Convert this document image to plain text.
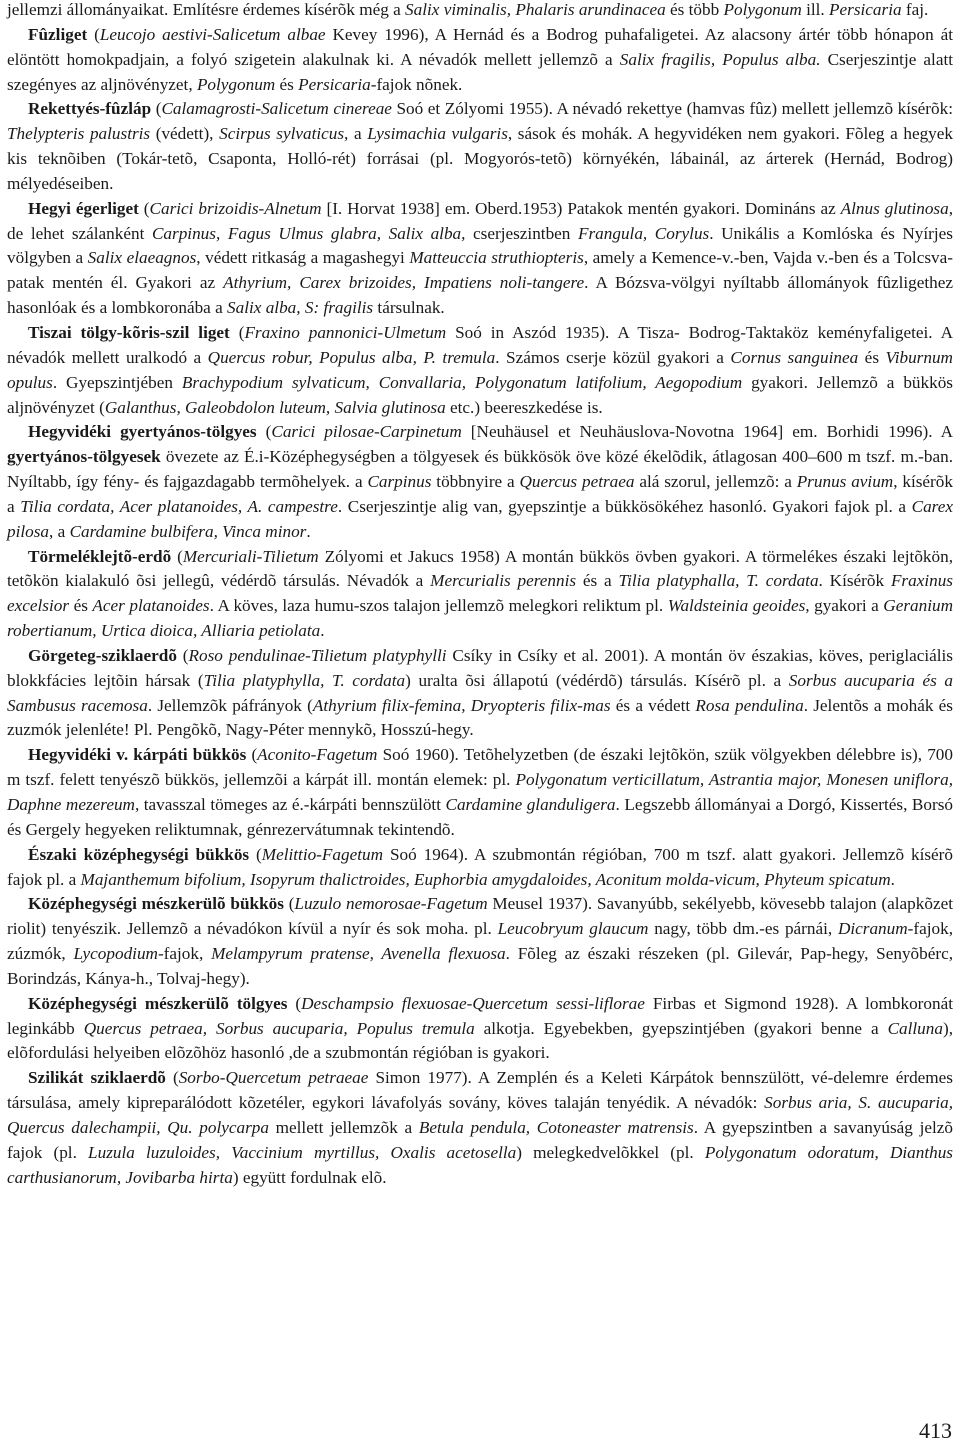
jellemzi állományaikat. Említésre érdemes kísérõk még a Salix viminalis, Phalaris arundinacea és több Polygonum ill. Persicaria faj.

Fûzliget (Leucojo aestivi-Salicetum albae Kevey 1996), A Hernád és a Bodrog puhafaligetei. Az alacsony ártér több hónapon át elöntött homokpadjain, a folyó szigetein alakulnak ki. A névadók mellett jellemzõ a Salix fragilis, Populus alba. Cserjeszintje alatt szegényes az aljnövényzet, Polygonum és Persicaria-fajok nõnek.

Rekettyés-fûzláp (Calamagrosti-Salicetum cinereae Soó et Zólyomi 1955). A névadó rekettye (hamvas fûz) mellett jellemzõ kísérõk: Thelypteris palustris (védett), Scirpus sylvaticus, a Lysimachia vulgaris, sások és mohák. A hegyvidéken nem gyakori. Fõleg a hegyek kis teknõiben (Tokár-tetõ, Csaponta, Holló-rét) forrásai (pl. Mogyorós-tetõ) környékén, lábainál, az árterek (Hernád, Bodrog) mélyedéseiben.

Hegyi égerliget (Carici brizoidis-Alnetum [I. Horvat 1938] em. Oberd.1953) Patakok mentén gyakori. Domináns az Alnus glutinosa, de lehet szálanként Carpinus, Fagus Ulmus glabra, Salix alba, cserjeszintben Frangula, Corylus. Unikális a Komlóska és Nyírjes völgyben a Salix elaeagnos, védett ritkaság a magashegyi Matteuccia struthiopteris, amely a Kemence-v.-ben, Vajda v.-ben és a Tolcsva-patak mentén él. Gyakori az Athyrium, Carex brizoides, Impatiens noli-tangere. A Bózsva-völgyi nyíltabb állományok fûzligethez hasonlóak és a lombkoronába a Salix alba, S: fragilis társulnak.

Tiszai tölgy-kõris-szil liget (Fraxino pannonici-Ulmetum Soó in Aszód 1935). A Tisza- Bodrog-Taktaköz keményfaligetei. A névadók mellett uralkodó a Quercus robur, Populus alba, P. tremula. Számos cserje közül gyakori a Cornus sanguinea és Viburnum opulus. Gyepszintjében Brachypodium sylvaticum, Convallaria, Polygonatum latifolium, Aegopodium gyakori. Jellemzõ a bükkös aljnövényzet (Galanthus, Galeobdolon luteum, Salvia glutinosa etc.) beereszkedése is.

Hegyvidéki gyertyános-tölgyes (Carici pilosae-Carpinetum [Neuhäusel et Neuhäuslova-Novotna 1964] em. Borhidi 1996). A gyertyános-tölgyesek övezete az É.i-Középhegységben a tölgyesek és bükkösök öve közé ékelõdik, átlagosan 400–600 m tszf. m.-ban. Nyíltabb, így fény- és fajgazdagabb termõhelyek. a Carpinus többnyire a Quercus petraea alá szorul, jellemzõ: a Prunus avium, kísérõk a Tilia cordata, Acer platanoides, A. campestre. Cserjeszintje alig van, gyepszintje a bükkösökéhez hasonló. Gyakori fajok pl. a Carex pilosa, a Cardamine bulbifera, Vinca minor.

Törmeléklejtõ-erdõ (Mercuriali-Tilietum Zólyomi et Jakucs 1958) A montán bükkös övben gyakori. A törmelékes északi lejtõkön, tetõkön kialakuló õsi jellegû, védérdõ társulás. Névadók a Mercurialis perennis és a Tilia platyphalla, T. cordata. Kísérõk Fraxinus excelsior és Acer platanoides. A köves, laza humu-szos talajon jellemzõ melegkori reliktum pl. Waldsteinia geoides, gyakori a Geranium robertianum, Urtica dioica, Alliaria petiolata.

Görgeteg-sziklaerdõ (Roso pendulinae-Tilietum platyphylli Csíky in Csíky et al. 2001). A montán öv északias, köves, periglaciális blokkfácies lejtõin hársak (Tilia platyphylla, T. cordata) uralta õsi állapotú (védérdõ) társulás. Kísérõ pl. a Sorbus aucuparia és a Sambusus racemosa. Jellemzõk páfrányok (Athyrium filix-femina, Dryopteris filix-mas és a védett Rosa pendulina. Jelentõs a mohák és zuzmók jelenléte! Pl. Pengõkõ, Nagy-Péter mennykõ, Hosszú-hegy.

Hegyvidéki v. kárpáti bükkös (Aconito-Fagetum Soó 1960). Tetõhelyzetben (de északi lejtõkön, szük völgyekben délebbre is), 700 m tszf. felett tenyészõ bükkös, jellemzõi a kárpát ill. montán elemek: pl. Polygonatum verticillatum, Astrantia major, Monesen uniflora, Daphne mezereum, tavasszal tömeges az é.-kárpáti bennszülött Cardamine glanduligera. Legszebb állományai a Dorgó, Kissertés, Borsó és Gergely hegyeken reliktumnak, génrezervátumnak tekintendõ.

Északi középhegységi bükkös (Melittio-Fagetum Soó 1964). A szubmontán régióban, 700 m tszf. alatt gyakori. Jellemzõ kísérõ fajok pl. a Majanthemum bifolium, Isopyrum thalictroides, Euphorbia amygdaloides, Aconitum molda-vicum, Phyteum spicatum.

Középhegységi mészkerülõ bükkös (Luzulo nemorosae-Fagetum Meusel 1937). Savanyúbb, sekélyebb, kövesebb talajon (alapkõzet riolit) tenyészik. Jellemzõ a névadókon kívül a nyír és sok moha. pl. Leucobryum glaucum nagy, több dm.-es párnái, Dicranum-fajok, zúzmók, Lycopodium-fajok, Melampyrum pratense, Avenella flexuosa. Fõleg az északi részeken (pl. Gilevár, Pap-hegy, Senyõbérc, Borindzás, Kánya-h., Tolvaj-hegy).

Középhegységi mészkerülõ tölgyes (Deschampsio flexuosae-Quercetum sessi-liflorae Firbas et Sigmond 1928). A lombkoronát leginkább Quercus petraea, Sorbus aucuparia, Populus tremula alkotja. Egyebekben, gyepszintjében (gyakori benne a Calluna), elõfordulási helyeiben elõzõhöz hasonló ,de a szubmontán régióban is gyakori.

Szilikát sziklaerdõ (Sorbo-Quercetum petraeae Simon 1977). A Zemplén és a Keleti Kárpátok bennszülött, vé-delemre érdemes társulása, amely kipreparálódott kõzetéler, egykori lávafolyás sovány, köves talaján tenyédik. A névadók: Sorbus aria, S. aucuparia, Quercus dalechampii, Qu. polycarpa mellett jellemzõk a Betula pendula, Cotoneaster matrensis. A gyepszintben a savanyúság jelzõ fajok (pl. Luzula luzuloides, Vaccinium myrtillus, Oxalis acetosella) melegkedvelõkkel (pl. Polygonatum odoratum, Dianthus carthusianorum, Jovibarba hirta) együtt fordulnak elõ.

413
